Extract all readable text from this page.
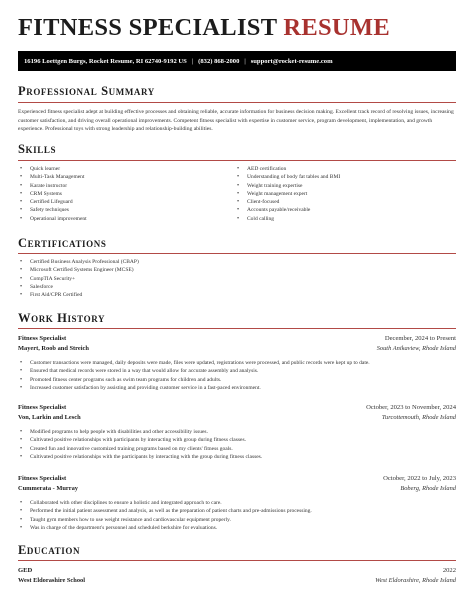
FITNESS SPECIALIST RESUME
16196 Loettgen Burgs, Rocket Resume, RI 62740-9192 US | (832) 868-2000 | support@rocket-resume.com
Professional Summary
Experienced fitness specialist adept at building effective processes and obtaining reliable, accurate information for business decision making. Excellent track record of resolving issues, increasing customer satisfaction, and driving overall operational improvements. Competent fitness specialist with expertise in customer service, program development, implementation, and growth experience. Professional toys with strong leadership and relationship-building abilities.
Skills
• Quick learner
• Multi-Task Management
• Karate instructor
• CRM Systems
• Certified Lifeguard
• Safety techniques
• Operational improvement
• AED certification
• Understanding of body fat tables and BMI
• Weight training expertise
• Weight management expert
• Client-focused
• Accounts payable/receivable
• Cold calling
Certifications
• Certified Business Analysis Professional (CBAP)
• Microsoft Certified Systems Engineer (MCSE)
• CompTIA Security+
• Salesforce
• First Aid/CPR Certified
Work History
Fitness Specialist	December, 2024 to Present
Mayert, Roob and Streich	South Anikaview, Rhode Island
• Customer transactions were managed, daily deposits were made, files were updated, registrations were processed, and public records were kept up to date.
• Ensured that medical records were stored in a way that would allow for accurate assembly and analysis.
• Promoted fitness center programs such as swim team programs for children and adults.
• Increased customer satisfaction by assisting and providing customer service in a fast-paced environment.
Fitness Specialist	October, 2023 to November, 2024
Von, Larkin and Lesch	Turcottemouth, Rhode Island
• Modified programs to help people with disabilities and other accessibility issues.
• Cultivated positive relationships with participants by interacting with group during fitness classes.
• Created fun and innovative customized training programs based on my clients' fitness goals.
• Cultivated positive relationships with the participants by interacting with the group during fitness classes.
Fitness Specialist	October, 2022 to July, 2023
Cummerata - Murray	Boberg, Rhode Island
• Collaborated with other disciplines to ensure a holistic and integrated approach to care.
• Performed the initial patient assessment and analysis, as well as the preparation of patient charts and pre-admissions processing.
• Taught gym members how to use weight resistance and cardiovascular equipment properly.
• Was in charge of the department's personnel and scheduled berkshire for evaluations.
Education
GED	2022
West Eldorashire School	West Eldorashire, Rhode Island
